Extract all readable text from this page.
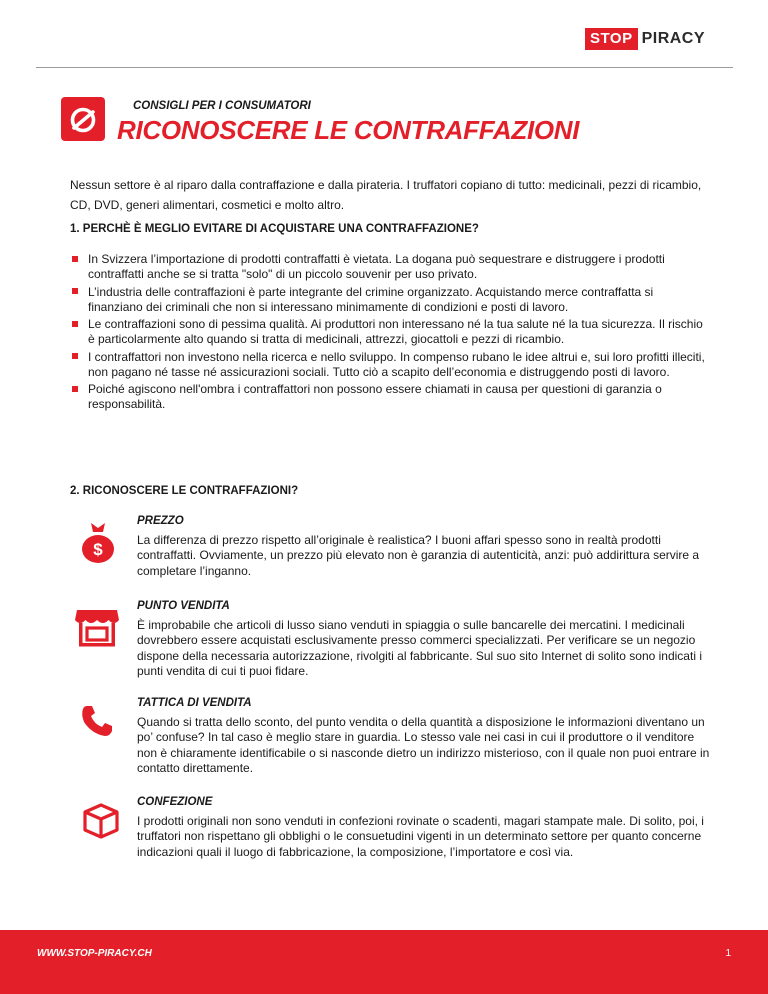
STOP PIRACY
CONSIGLI PER I CONSUMATORI
RICONOSCERE LE CONTRAFFAZIONI

Nessun settore è al riparo dalla contraffazione e dalla pirateria. I truffatori copiano di tutto: medicinali, pezzi di ricambio, CD, DVD, generi alimentari, cosmetici e molto altro.

1. PERCHÈ È MEGLIO EVITARE DI ACQUISTARE UNA CONTRAFFAZIONE?
In Svizzera l’importazione di prodotti contraffatti è vietata. La dogana può sequestrare e distruggere i prodotti contraffatti anche se si tratta "solo" di un piccolo souvenir per uso privato.
L’industria delle contraffazioni è parte integrante del crimine organizzato. Acquistando merce contraffatta si finanziano dei criminali che non si interessano minimamente di condizioni e posti di lavoro.
Le contraffazioni sono di pessima qualità. Ai produttori non interessano né la tua salute né la tua sicurezza. Il rischio è particolarmente alto quando si tratta di medicinali, attrezzi, giocattoli e pezzi di ricambio.
I contraffattori non investono nella ricerca e nello sviluppo. In compenso rubano le idee altrui e, sui loro profitti illeciti, non pagano né tasse né assicurazioni sociali. Tutto ciò a scapito dell’economia e distruggendo posti di lavoro.
Poiché agiscono nell'ombra i contraffattori non possono essere chiamati in causa per questioni di garanzia o responsabilità.
2. RICONOSCERE LE CONTRAFFAZIONI?
$
PREZZO

La differenza di prezzo rispetto all’originale è realistica? I buoni affari spesso sono in realtà prodotti contraffatti. Ovviamente, un prezzo più elevato non è garanzia di autenticità, anzi: può addirittura servire a completare l’inganno.

PUNTO VENDITA

È improbabile che articoli di lusso siano venduti in spiaggia o sulle bancarelle dei mercatini. I medicinali dovrebbero essere acquistati esclusivamente presso commerci specializzati. Per verificare se un negozio dispone della necessaria autorizzazione, rivolgiti al fabbricante. Sul suo sito Internet di solito sono indicati i punti vendita di cui ti puoi fidare.

TATTICA DI VENDITA

Quando si tratta dello sconto, del punto vendita o della quantità a disposizione le informazioni diventano un po’ confuse? In tal caso è meglio stare in guardia. Lo stesso vale nei casi in cui il produttore o il venditore non è chiaramente identificabile o si nasconde dietro un indirizzo misterioso, con il quale non puoi entrare in contatto direttamente.

CONFEZIONE

I prodotti originali non sono venduti in confezioni rovinate o scadenti, magari stampate male. Di solito, poi, i truffatori non rispettano gli obblighi o le consuetudini vigenti in un determinato settore per quanto concerne indicazioni quali il luogo di fabbricazione, la composizione, l’importatore e così via.

WWW.STOP-PIRACY.CH	1
